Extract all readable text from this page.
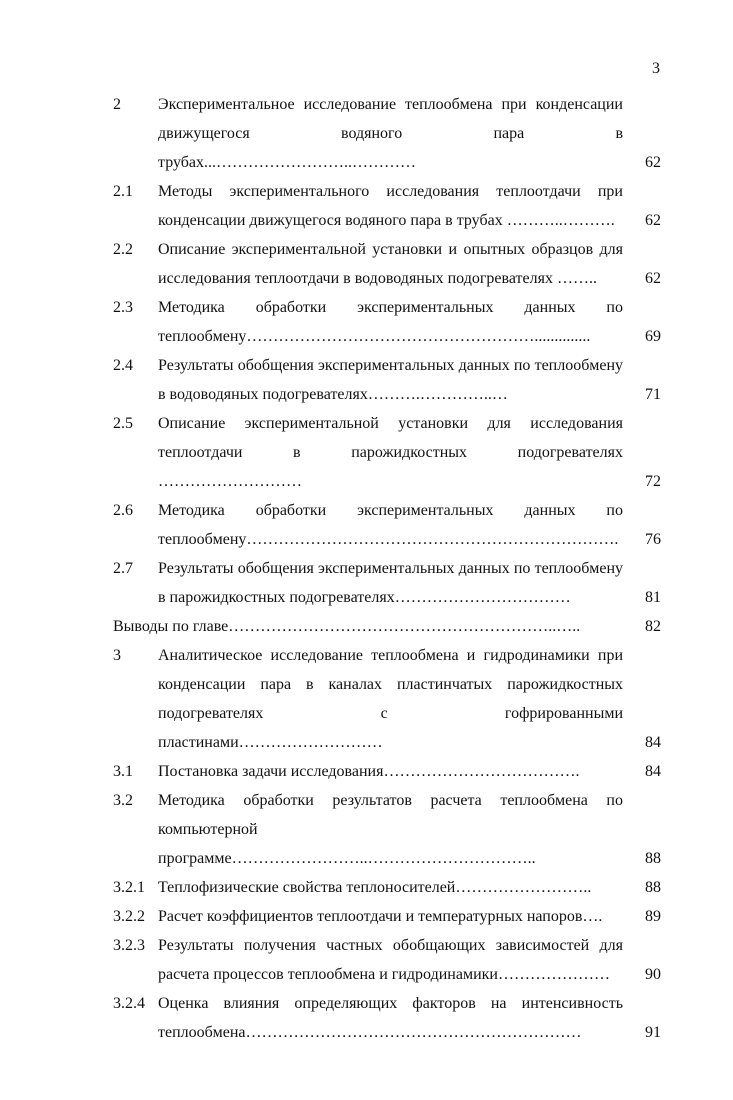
3
2 Экспериментальное исследование теплообмена при конденсации движущегося водяного пара в трубах...……………………..…………	62
2.1 Методы экспериментального исследования теплоотдачи при конденсации движущегося водяного пара в трубах ………..……….	62
2.2 Описание экспериментальной установки и опытных образцов для исследования теплоотдачи в водоводяных подогревателях ……..	62
2.3 Методика обработки экспериментальных данных по теплообмену………………………………………………..............	69
2.4 Результаты обобщения экспериментальных данных по теплообмену в водоводяных подогревателях……….…………..…	71
2.5 Описание экспериментальной установки для исследования теплоотдачи в парожидкостных подогревателях ………………………	72
2.6 Методика обработки экспериментальных данных по теплообмену……………………………………………………………. 76
2.7 Результаты обобщения экспериментальных данных по теплообмену в парожидкостных подогревателях……………………………	81
Выводы по главе……………………………………………………..…..	82
3 Аналитическое исследование теплообмена и гидродинамики при конденсации пара в каналах пластинчатых парожидкостных подогревателях с гофрированными пластинами………………………	84
3.1 Постановка задачи исследования……………………………….	84
3.2 Методика обработки результатов расчета теплообмена по компьютерной программе……………………..…………………………..	88
3.2.1 Теплофизические свойства теплоносителей……………………..	88
3.2.2 Расчет коэффициентов теплоотдачи и температурных напоров….	89
3.2.3 Результаты получения частных обобщающих зависимостей для расчета процессов теплообмена и гидродинамики…………………	90
3.2.4 Оценка влияния определяющих факторов на интенсивность теплообмена………………………………………………………	91
